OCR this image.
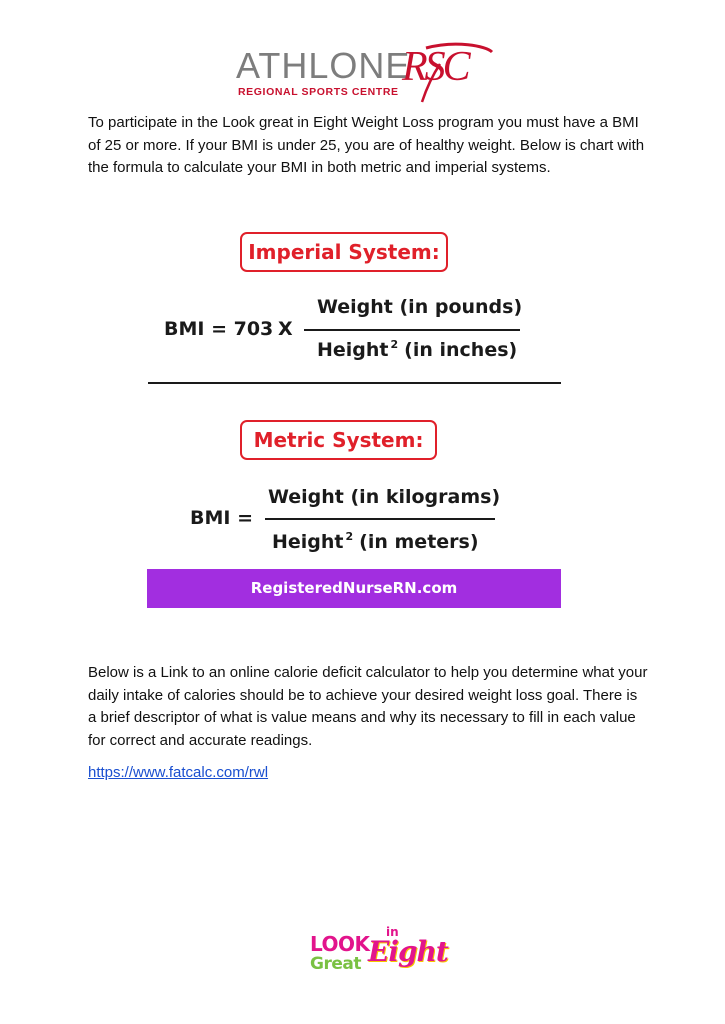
ATHLONE
RSC
REGIONAL SPORTS CENTRE
To participate in the Look great in Eight Weight Loss program you must have a BMI of 25 or more. If your BMI is under 25, you are of healthy weight. Below is chart with the formula to calculate your BMI in both metric and imperial systems.
Imperial System:
BMI = 703 X
Weight (in pounds)
Height $^2$ (in inches)
Metric System:
BMI =
Weight (in kilograms)
Height $^2$ (in meters)
RegisteredNurseRN.com
Below is a Link to an online calorie deficit calculator to help you determine what your daily intake of calories should be to achieve your desired weight loss goal. There is a brief descriptor of what is value means and why its necessary to fill in each value for correct and accurate readings.
https://www.fatcalc.com/rwl
LOOK
Great
in
Eight
